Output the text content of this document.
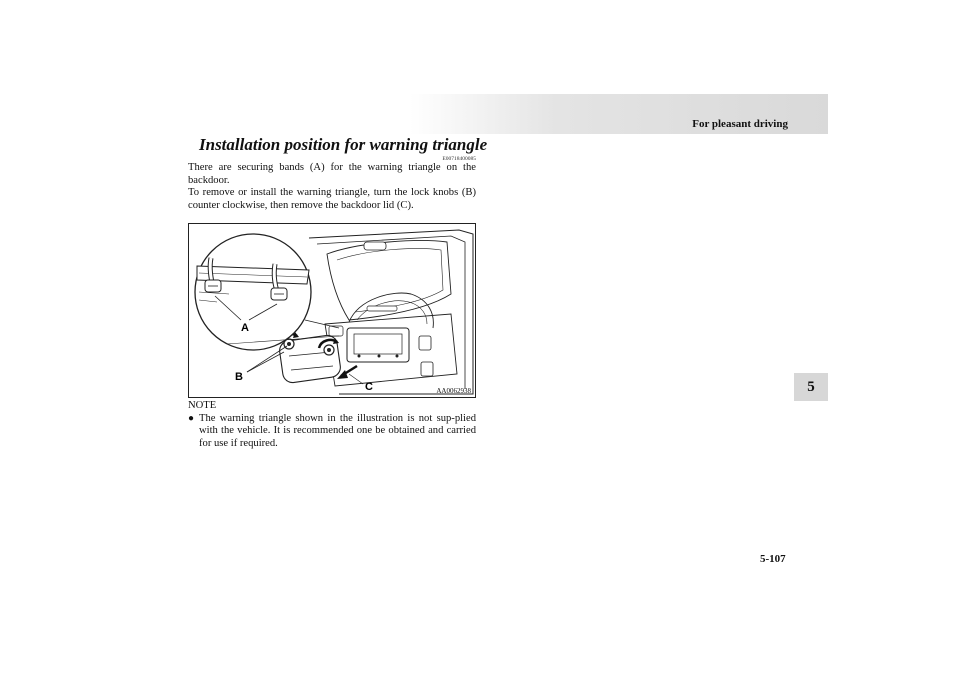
For pleasant driving
5
Installation position for warning triangle
E00718400085

There are securing bands (A) for the warning triangle on the backdoor.

To remove or install the warning triangle, turn the lock knobs (B) counter clockwise, then remove the backdoor lid (C).

A
B
C	AA0062938
NOTE
● The warning triangle shown in the illustration is not sup-plied with the vehicle. It is recommended one be obtained and carried for use if required.
5-107
